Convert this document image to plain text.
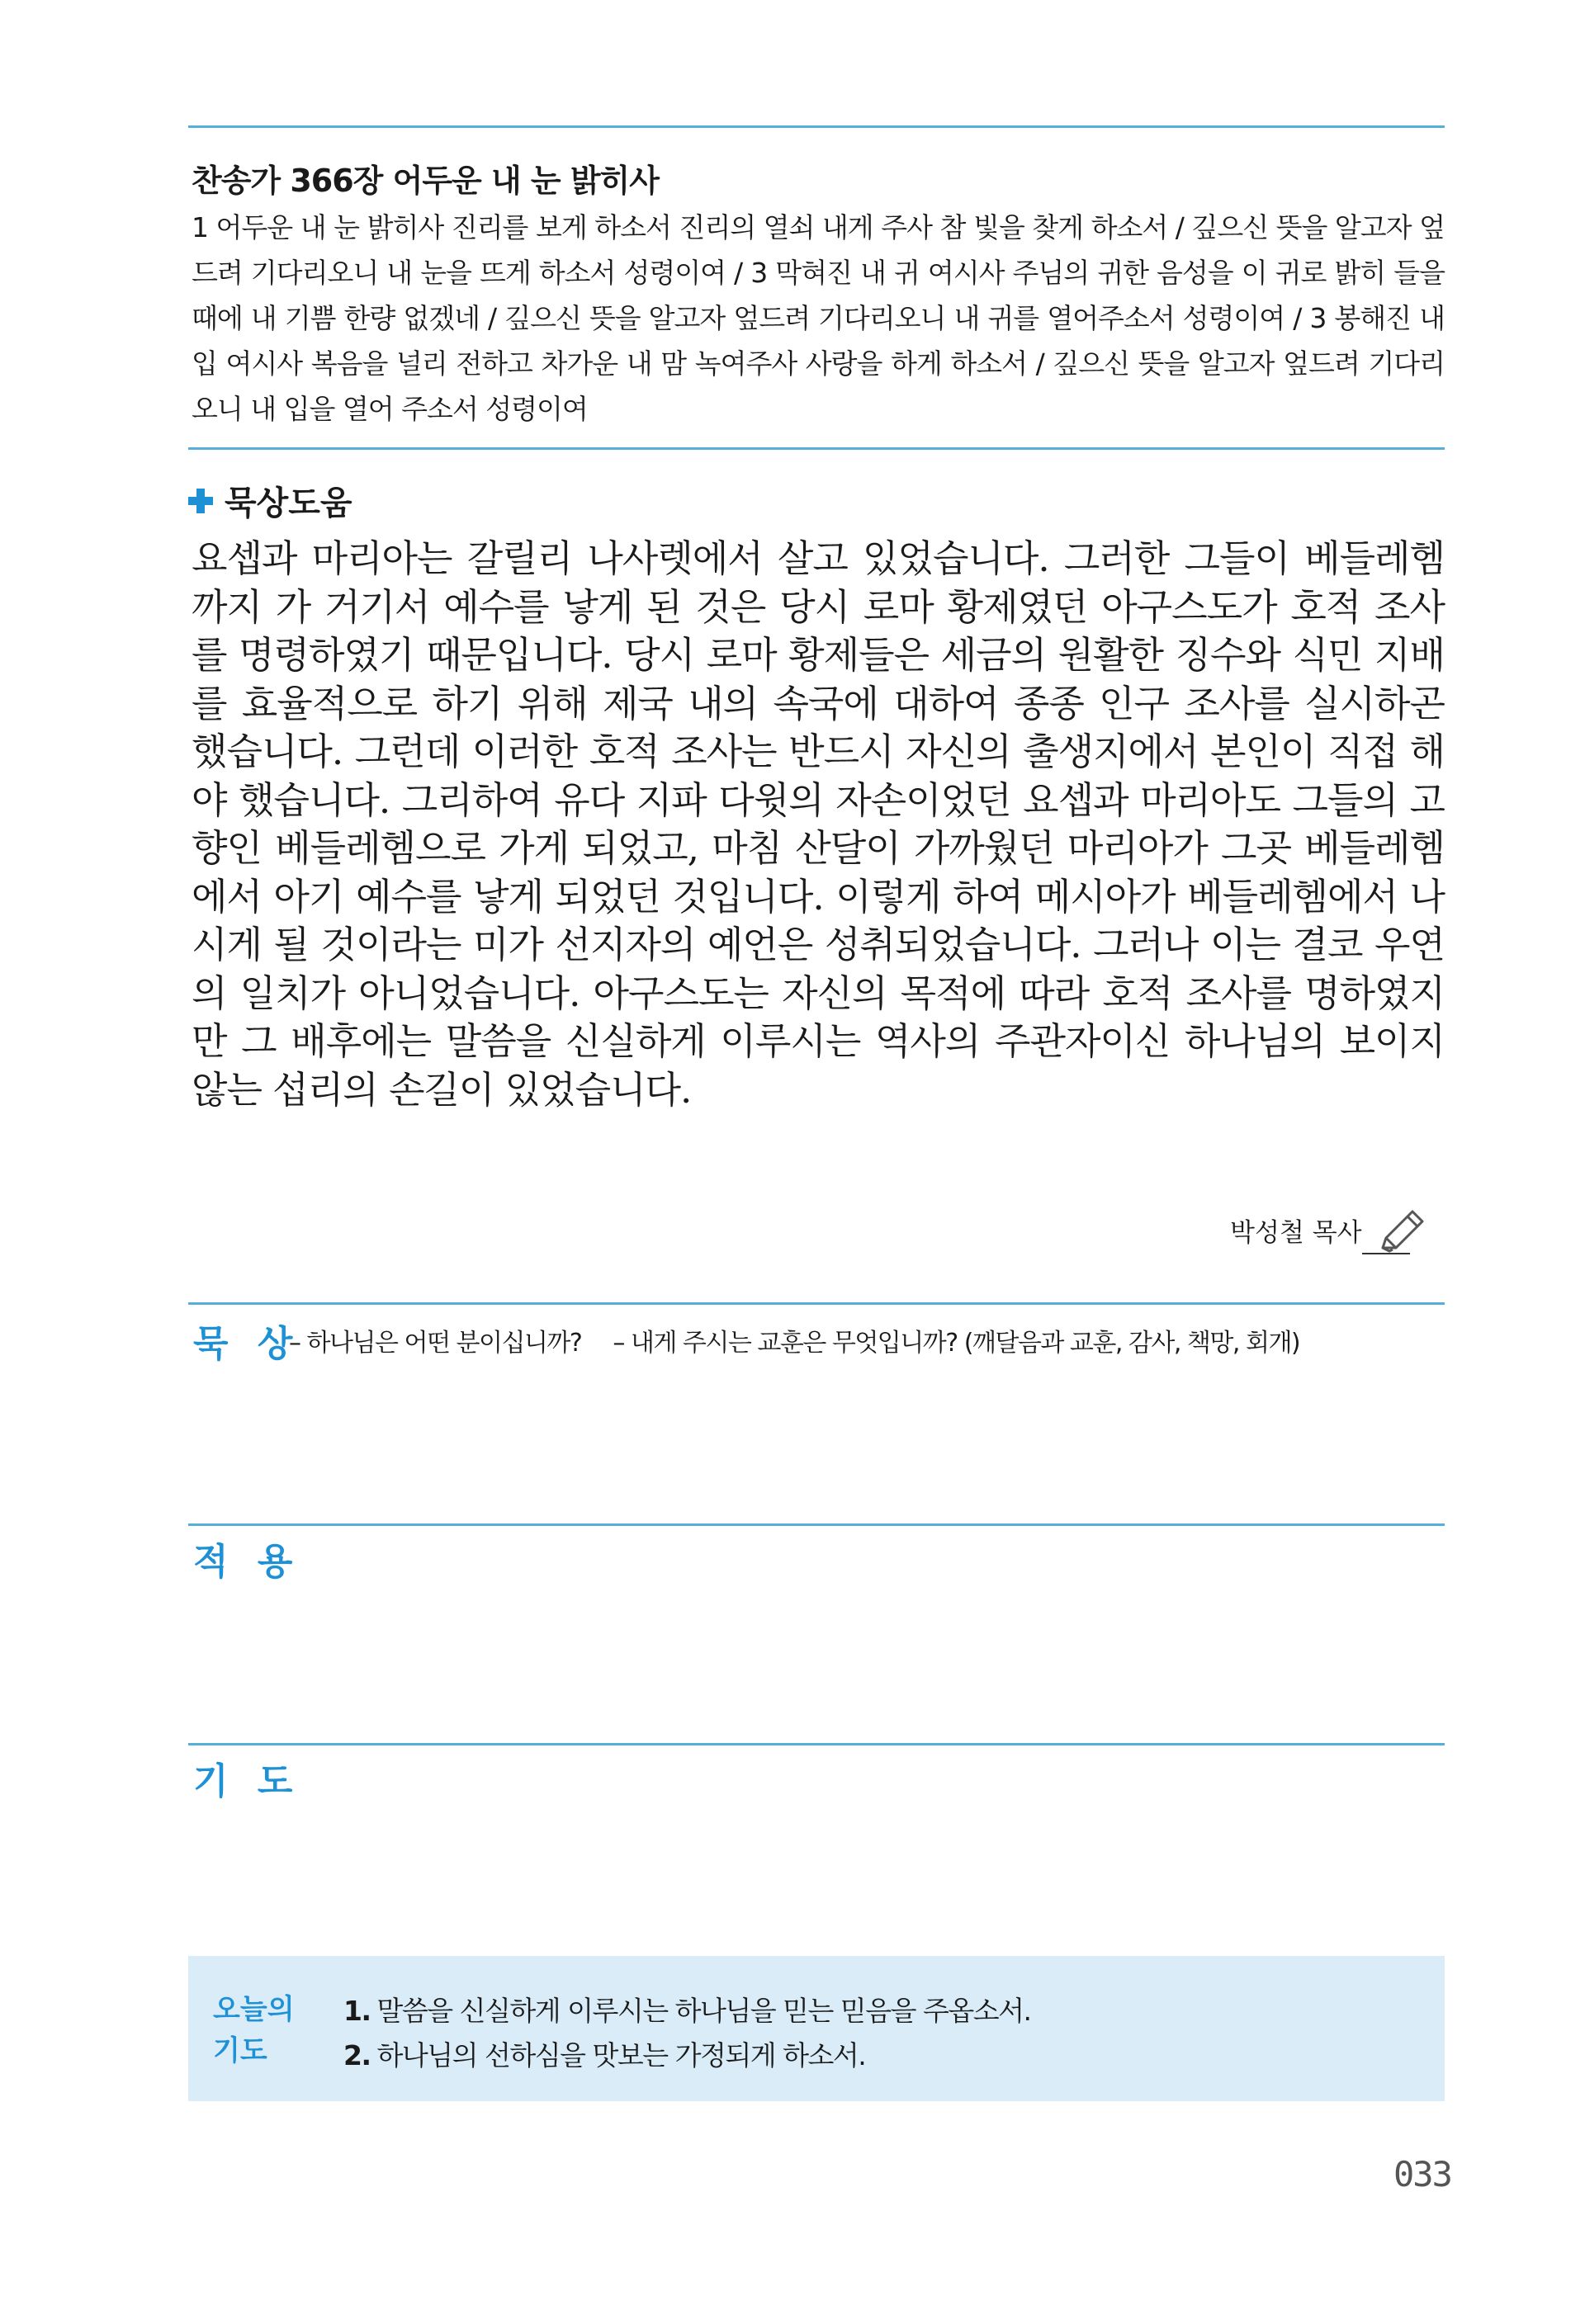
찬송가 366장 어두운 내 눈 밝히사
1 어두운 내 눈 밝히사 진리를 보게 하소서 진리의 열쇠 내게 주사 참 빛을 찾게 하소서 / 깊으신 뜻을 알고자 엎드려 기다리오니 내 눈을 뜨게 하소서 성령이여 / 3 막혀진 내 귀 여시사 주님의 귀한 음성을 이 귀로 밝히 들을 때에 내 기쁨 한량 없겠네 / 깊으신 뜻을 알고자 엎드려 기다리오니 내 귀를 열어주소서 성령이여 / 3 봉해진 내 입 여시사 복음을 널리 전하고 차가운 내 맘 녹여주사 사랑을 하게 하소서 / 깊으신 뜻을 알고자 엎드려 기다리오니 내 입을 열어 주소서 성령이여
묵상도움
요셉과 마리아는 갈릴리 나사렛에서 살고 있었습니다. 그러한 그들이 베들레헴까지 가 거기서 예수를 낳게 된 것은 당시 로마 황제였던 아구스도가 호적 조사를 명령하였기 때문입니다. 당시 로마 황제들은 세금의 원활한 징수와 식민 지배를 효율적으로 하기 위해 제국 내의 속국에 대하여 종종 인구 조사를 실시하곤 했습니다. 그런데 이러한 호적 조사는 반드시 자신의 출생지에서 본인이 직접 해야 했습니다. 그리하여 유다 지파 다윗의 자손이었던 요셉과 마리아도 그들의 고향인 베들레헴으로 가게 되었고, 마침 산달이 가까웠던 마리아가 그곳 베들레헴에서 아기 예수를 낳게 되었던 것입니다. 이렇게 하여 메시아가 베들레헴에서 나시게 될 것이라는 미가 선지자의 예언은 성취되었습니다. 그러나 이는 결코 우연의 일치가 아니었습니다. 아구스도는 자신의 목적에 따라 호적 조사를 명하였지만 그 배후에는 말씀을 신실하게 이루시는 역사의 주관자이신 하나님의 보이지 않는 섭리의 손길이 있었습니다.
박성철 목사
묵 상
– 하나님은 어떤 분이십니까? – 내게 주시는 교훈은 무엇입니까? (깨달음과 교훈, 감사, 책망, 회개)
적 용
기 도
오늘의 기도
1. 말씀을 신실하게 이루시는 하나님을 믿는 믿음을 주옵소서.
2. 하나님의 선하심을 맛보는 가정되게 하소서.
033
